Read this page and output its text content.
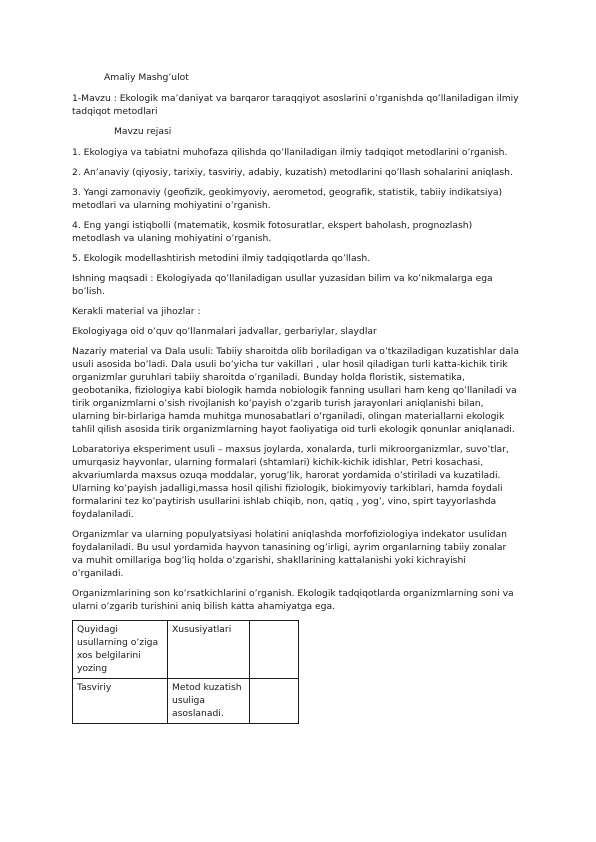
Amaliy Mashg’ulot

1-Mavzu : Ekologik ma’daniyat va barqaror taraqqiyot asoslarini o’rganishda qo’llaniladigan ilmiy tadqiqot metodlari

Mavzu rejasi

1. Ekologiya va tabiatni muhofaza qilishda qo’llaniladigan ilmiy tadqiqot metodlarini o’rganish.

2. An’anaviy (qiyosiy, tarixiy, tasviriy, adabiy, kuzatish) metodlarini qo’llash sohalarini aniqlash.

3. Yangi zamonaviy (geofizik, geokimyoviy, aerometod, geografik, statistik, tabiiy indikatsiya) metodlari va ularning mohiyatini o’rganish.

4. Eng yangi istiqbolli (matematik, kosmik fotosuratlar, ekspert baholash, prognozlash) metodlash va ulaning mohiyatini o’rganish.

5. Ekologik modellashtirish metodini ilmiy tadqiqotlarda qo’llash.

Ishning maqsadi : Ekologiyada qo’llaniladigan usullar yuzasidan bilim va ko’nikmalarga ega bo’lish.

Kerakli material va jihozlar :

Ekologiyaga oid o’quv qo’llanmalari jadvallar, gerbariylar, slaydlar

Nazariy material va Dala usuli: Tabiiy sharoitda olib boriladigan va o’tkaziladigan kuzatishlar dala usuli asosida bo’ladi. Dala usuli bo’yicha tur vakillari , ular hosil qiladigan turli katta-kichik tirik organizmlar guruhlari tabiiy sharoitda o’rganiladi. Bunday holda floristik, sistematika, geobotanika, fiziologiya kabi biologik hamda nobiologik fanning usullari ham keng qo’llaniladi va tirik organizmlarni o’sish rivojlanish ko’payish o’zgarib turish jarayonlari aniqlanishi bilan, ularning bir-birlariga hamda muhitga munosabatlari o’rganiladi, olingan materiallarni ekologik tahlil qilish asosida tirik organizmlarning hayot faoliyatiga oid turli ekologik qonunlar aniqlanadi.

Lobaratoriya eksperiment usuli – maxsus joylarda, xonalarda, turli mikroorganizmlar, suvo’tlar, umurqasiz hayvonlar, ularning formalari (shtamlari) kichik-kichik idishlar, Petri kosachasi, akvariumlarda maxsus ozuqa moddalar, yorug’lik, harorat yordamida o’stiriladi va kuzatiladi. Ularning ko’payish jadalligi,massa hosil qilishi fiziologik, biokimyoviy tarkiblari, hamda foydali formalarini tez ko’paytirish usullarini ishlab chiqib, non, qatiq , yog’, vino, spirt tayyorlashda foydalaniladi.

Organizmlar va ularning populyatsiyasi holatini aniqlashda morfofiziologiya indekator usulidan foydalaniladi. Bu usul yordamida hayvon tanasining og’irligi, ayrim organlarning tabiiy zonalar va muhit omillariga bog’liq holda o’zgarishi, shakllarining kattalanishi yoki kichrayishi o’rganiladi.

Organizmlarining son ko’rsatkichlarini o’rganish. Ekologik tadqiqotlarda organizmlarning soni va ularni o’zgarib turishini aniq bilish katta ahamiyatga ega.

Quyidagi usullarning o’ziga xos belgilarini yozing	Xususiyatlari	
Tasviriy	Metod kuzatish usuliga asoslanadi.	
